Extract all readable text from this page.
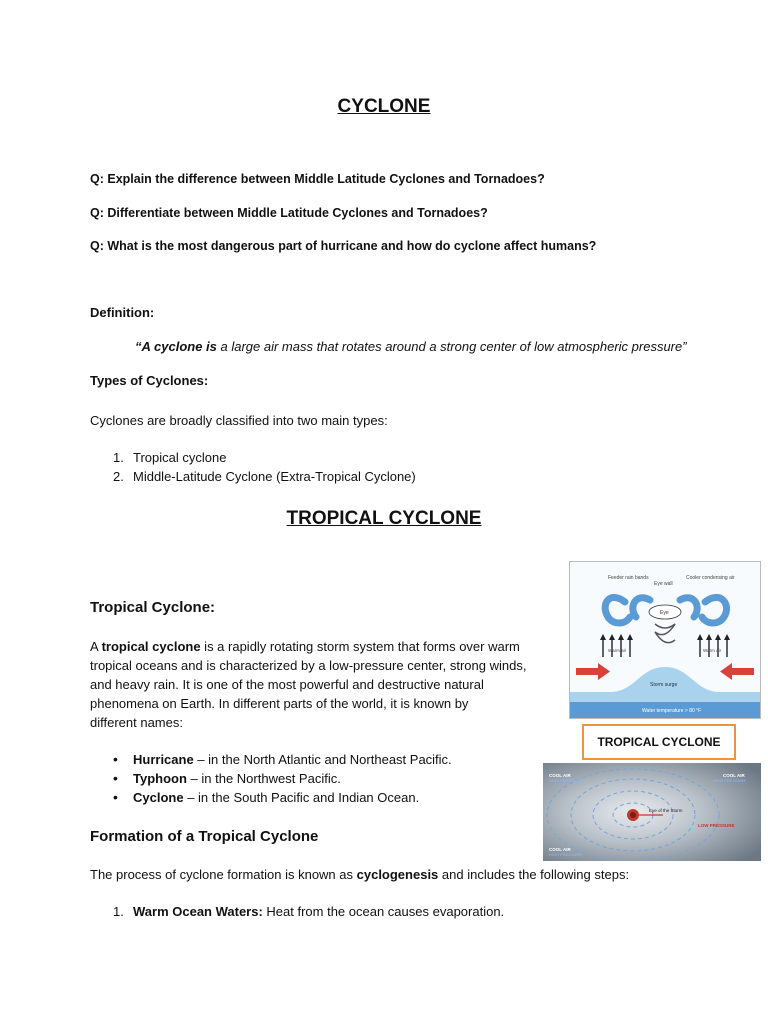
CYCLONE
Q: Explain the difference between Middle Latitude Cyclones and Tornadoes?
Q: Differentiate between Middle Latitude Cyclones and Tornadoes?
Q: What is the most dangerous part of hurricane and how do cyclone affect humans?
Definition:
“A cyclone is a large air mass that rotates around a strong center of low atmospheric pressure”
Types of Cyclones:
Cyclones are broadly classified into two main types:
1. Tropical cyclone
2. Middle-Latitude Cyclone (Extra-Tropical Cyclone)
TROPICAL CYCLONE
Tropical Cyclone:
A tropical cyclone is a rapidly rotating storm system that forms over warm
tropical oceans and is characterized by a low-pressure center, strong winds,
and heavy rain. It is one of the most powerful and destructive natural
phenomena on Earth. In different parts of the world, it is known by
different names:
• Hurricane – in the North Atlantic and Northeast Pacific.
• Typhoon – in the Northwest Pacific.
• Cyclone – in the South Pacific and Indian Ocean.
Formation of a Tropical Cyclone
The process of cyclone formation is known as cyclogenesis and includes the following steps:
1. Warm Ocean Waters: Heat from the ocean causes evaporation.
Feeder rain bands
Eye wall
Cooler condensing air
Eye
Warm air	Warm air
Storm surge
Water temperature > 80 °F
TROPICAL CYCLONE
Eye of the Storm
LOW PRESSURE
COOL AIR
HIGH PRESSURE
COOL AIR
HIGH PRESSURE
COOL AIR
HIGH PRESSURE
